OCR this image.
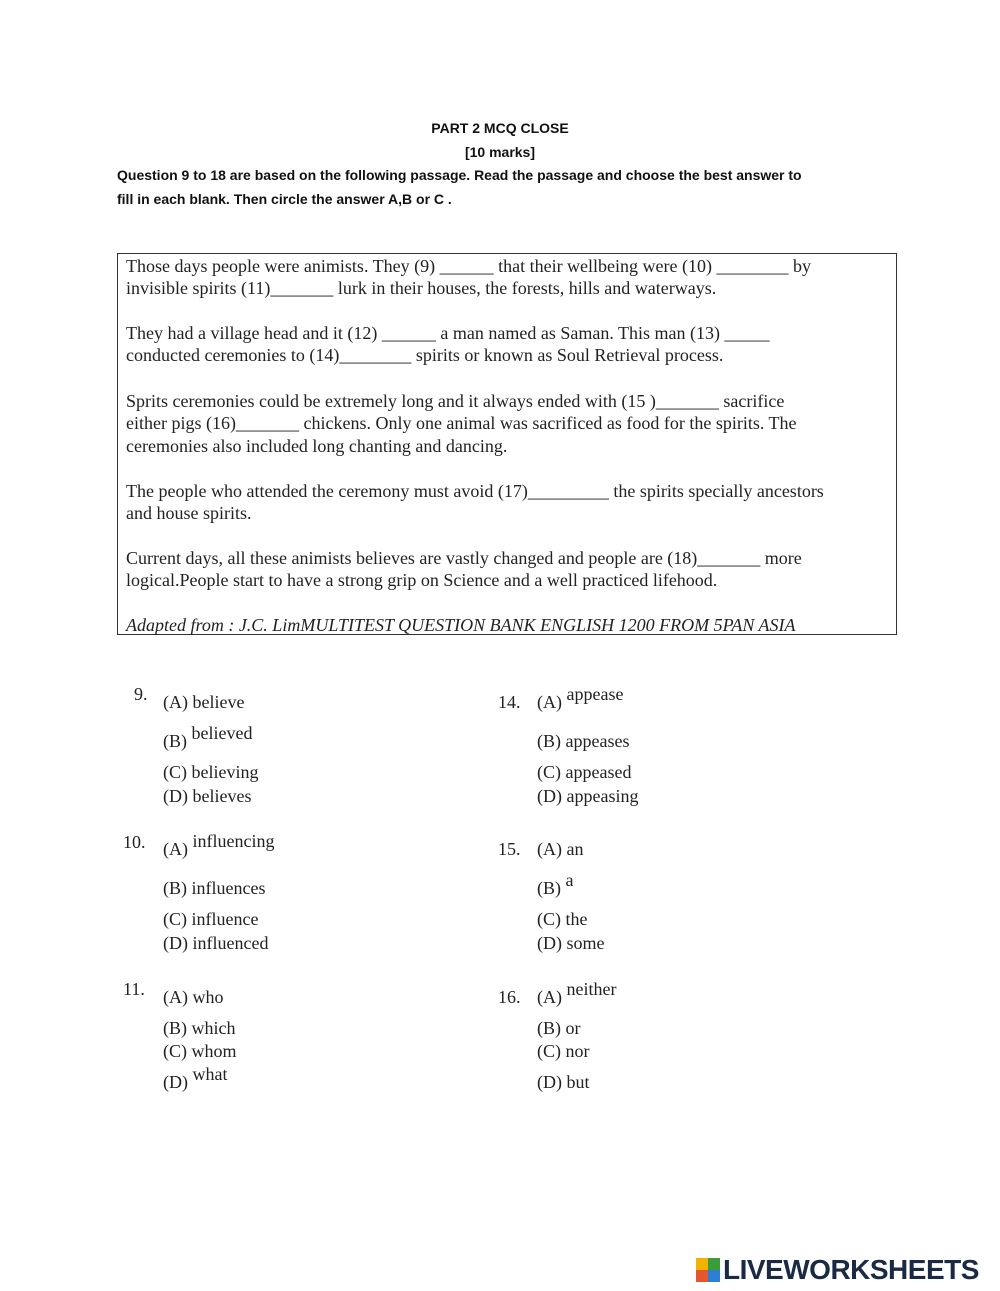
PART 2 MCQ CLOSE
[10 marks]
Question 9 to 18 are based on the following passage. Read the passage and choose the best answer to
fill in each blank. Then circle the answer A,B or C .
Those days people were animists. They (9) ______ that their wellbeing were (10) ________ by
invisible spirits (11)_______ lurk in their houses, the forests, hills and waterways.
They had a village head and it (12) ______ a man named as Saman. This man (13) _____
conducted ceremonies to (14)________ spirits or known as Soul Retrieval process.
Sprits ceremonies could be extremely long and it always ended with (15 )_______ sacrifice
either pigs (16)_______ chickens. Only one animal was sacrificed as food for the spirits. The
ceremonies also included long chanting and dancing.
The people who attended the ceremony must avoid (17)_________ the spirits specially ancestors
and house spirits.
Current days, all these animists believes are vastly changed and people are (18)_______ more
logical.People start to have a strong grip on Science and a well practiced lifehood.
Adapted from : J.C. LimMULTITEST QUESTION BANK ENGLISH 1200 FROM 5PAN ASIA
9. (A) believe
(B) believed
(C) believing
(D) believes
10. (A) influencing
(B) influences
(C) influence
(D) influenced
11. (A) who
(B) which
(C) whom
(D) what
14. (A) appease
(B) appeases
(C) appeased
(D) appeasing
15. (A) an
(B) a
(C) the
(D) some
16. (A) neither
(B) or
(C) nor
(D) but
LIVEWORKSHEETS
